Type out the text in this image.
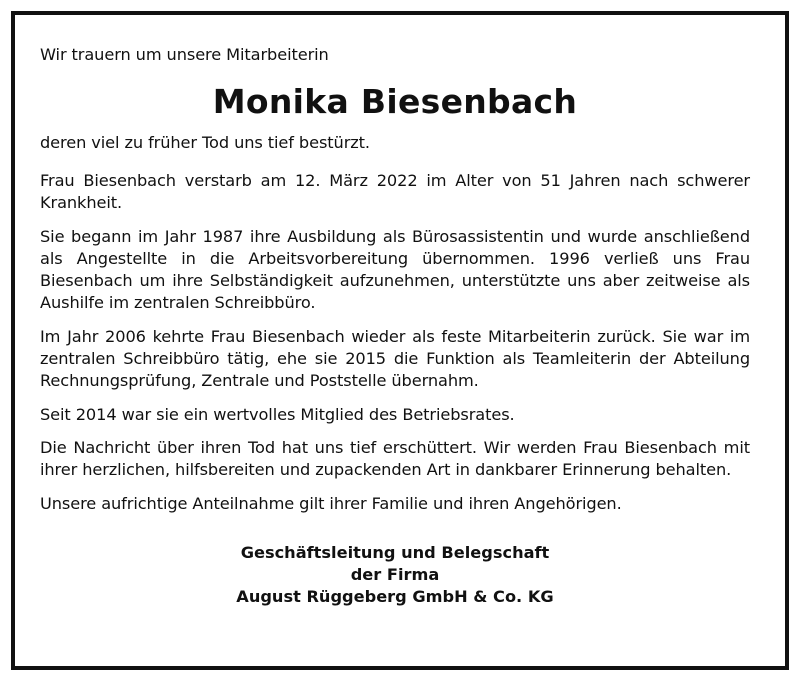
Wir trauern um unsere Mitarbeiterin

Monika Biesenbach

deren viel zu früher Tod uns tief bestürzt.

Frau Biesenbach verstarb am 12. März 2022 im Alter von 51 Jahren nach schwerer Krankheit.

Sie begann im Jahr 1987 ihre Ausbildung als Bürosassistentin und wurde anschließend als Angestellte in die Arbeitsvorbereitung übernommen. 1996 verließ uns Frau Biesenbach um ihre Selbständigkeit aufzunehmen, unterstützte uns aber zeitweise als Aushilfe im zentralen Schreibbüro.

Im Jahr 2006 kehrte Frau Biesenbach wieder als feste Mitarbeiterin zurück. Sie war im zentralen Schreibbüro tätig, ehe sie 2015 die Funktion als Teamleiterin der Abteilung Rechnungsprüfung, Zentrale und Poststelle übernahm.

Seit 2014 war sie ein wertvolles Mitglied des Betriebsrates.

Die Nachricht über ihren Tod hat uns tief erschüttert. Wir werden Frau Biesenbach mit ihrer herzlichen, hilfsbereiten und zupackenden Art in dankbarer Erinnerung behalten.

Unsere aufrichtige Anteilnahme gilt ihrer Familie und ihren Angehörigen.

Geschäftsleitung und Belegschaft
der Firma
August Rüggeberg GmbH & Co. KG
